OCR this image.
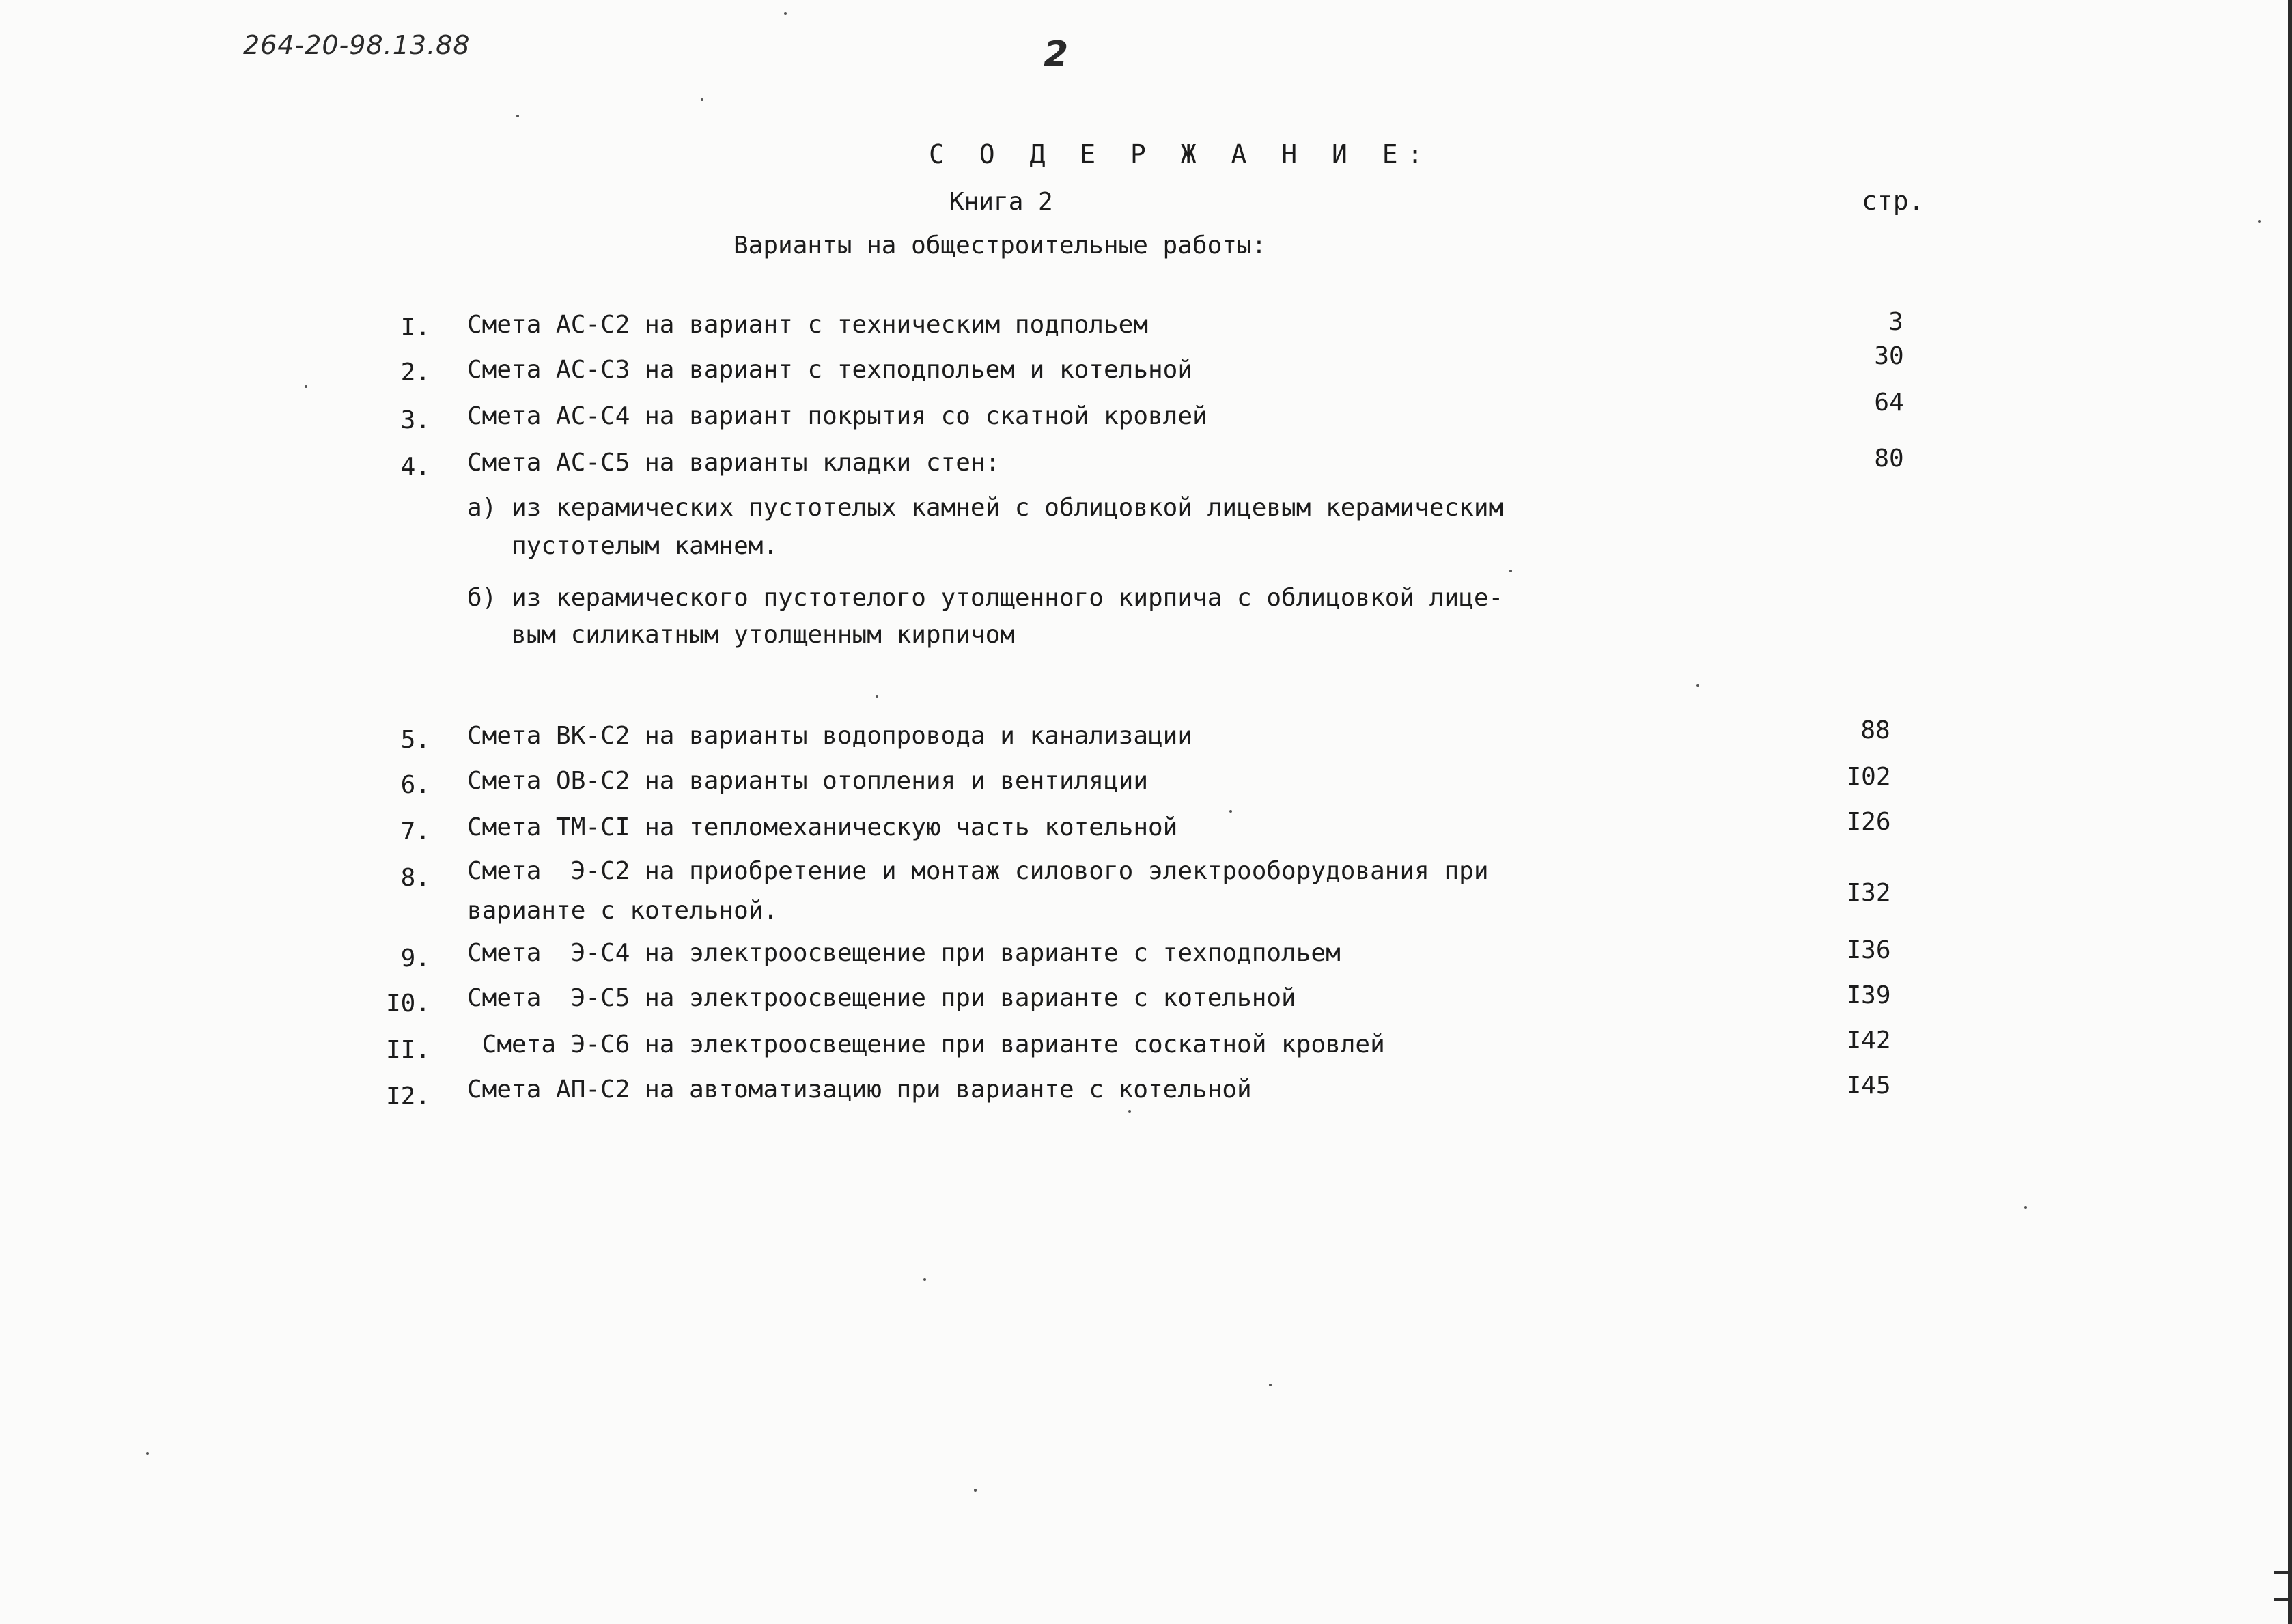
264-20-98.13.88	2
С О Д Е Р Ж А Н И Е:
Книга 2	стр.
Варианты на общестроительные работы:
I. Смета АС-С2 на вариант с техническим подпольем	3
2. Смета АС-С3 на вариант с техподпольем и котельной	30
3. Смета АС-С4 на вариант покрытия со скатной кровлей	64
4. Смета АС-С5 на варианты кладки стен:	80
а) из керамических пустотелых камней с облицовкой лицевым керамическим
пустотелым камнем.
б) из керамического пустотелого утолщенного кирпича с облицовкой лице-
вым силикатным утолщенным кирпичом
5. Смета ВК-С2 на варианты водопровода и канализации	88
6. Смета ОВ-С2 на варианты отопления и вентиляции	I02
7. Смета ТМ-СI на тепломеханическую часть котельной	I26
8. Смета  Э-С2 на приобретение и монтаж силового электрооборудования при
варианте с котельной.
I32
9. Смета  Э-С4 на электроосвещение при варианте с техподпольем	I36
I0. Смета  Э-С5 на электроосвещение при варианте с котельной	I39
II. Смета Э-С6 на электроосвещение при варианте соскатной кровлей	I42
I2. Смета АП-С2 на автоматизацию при варианте с котельной	I45
